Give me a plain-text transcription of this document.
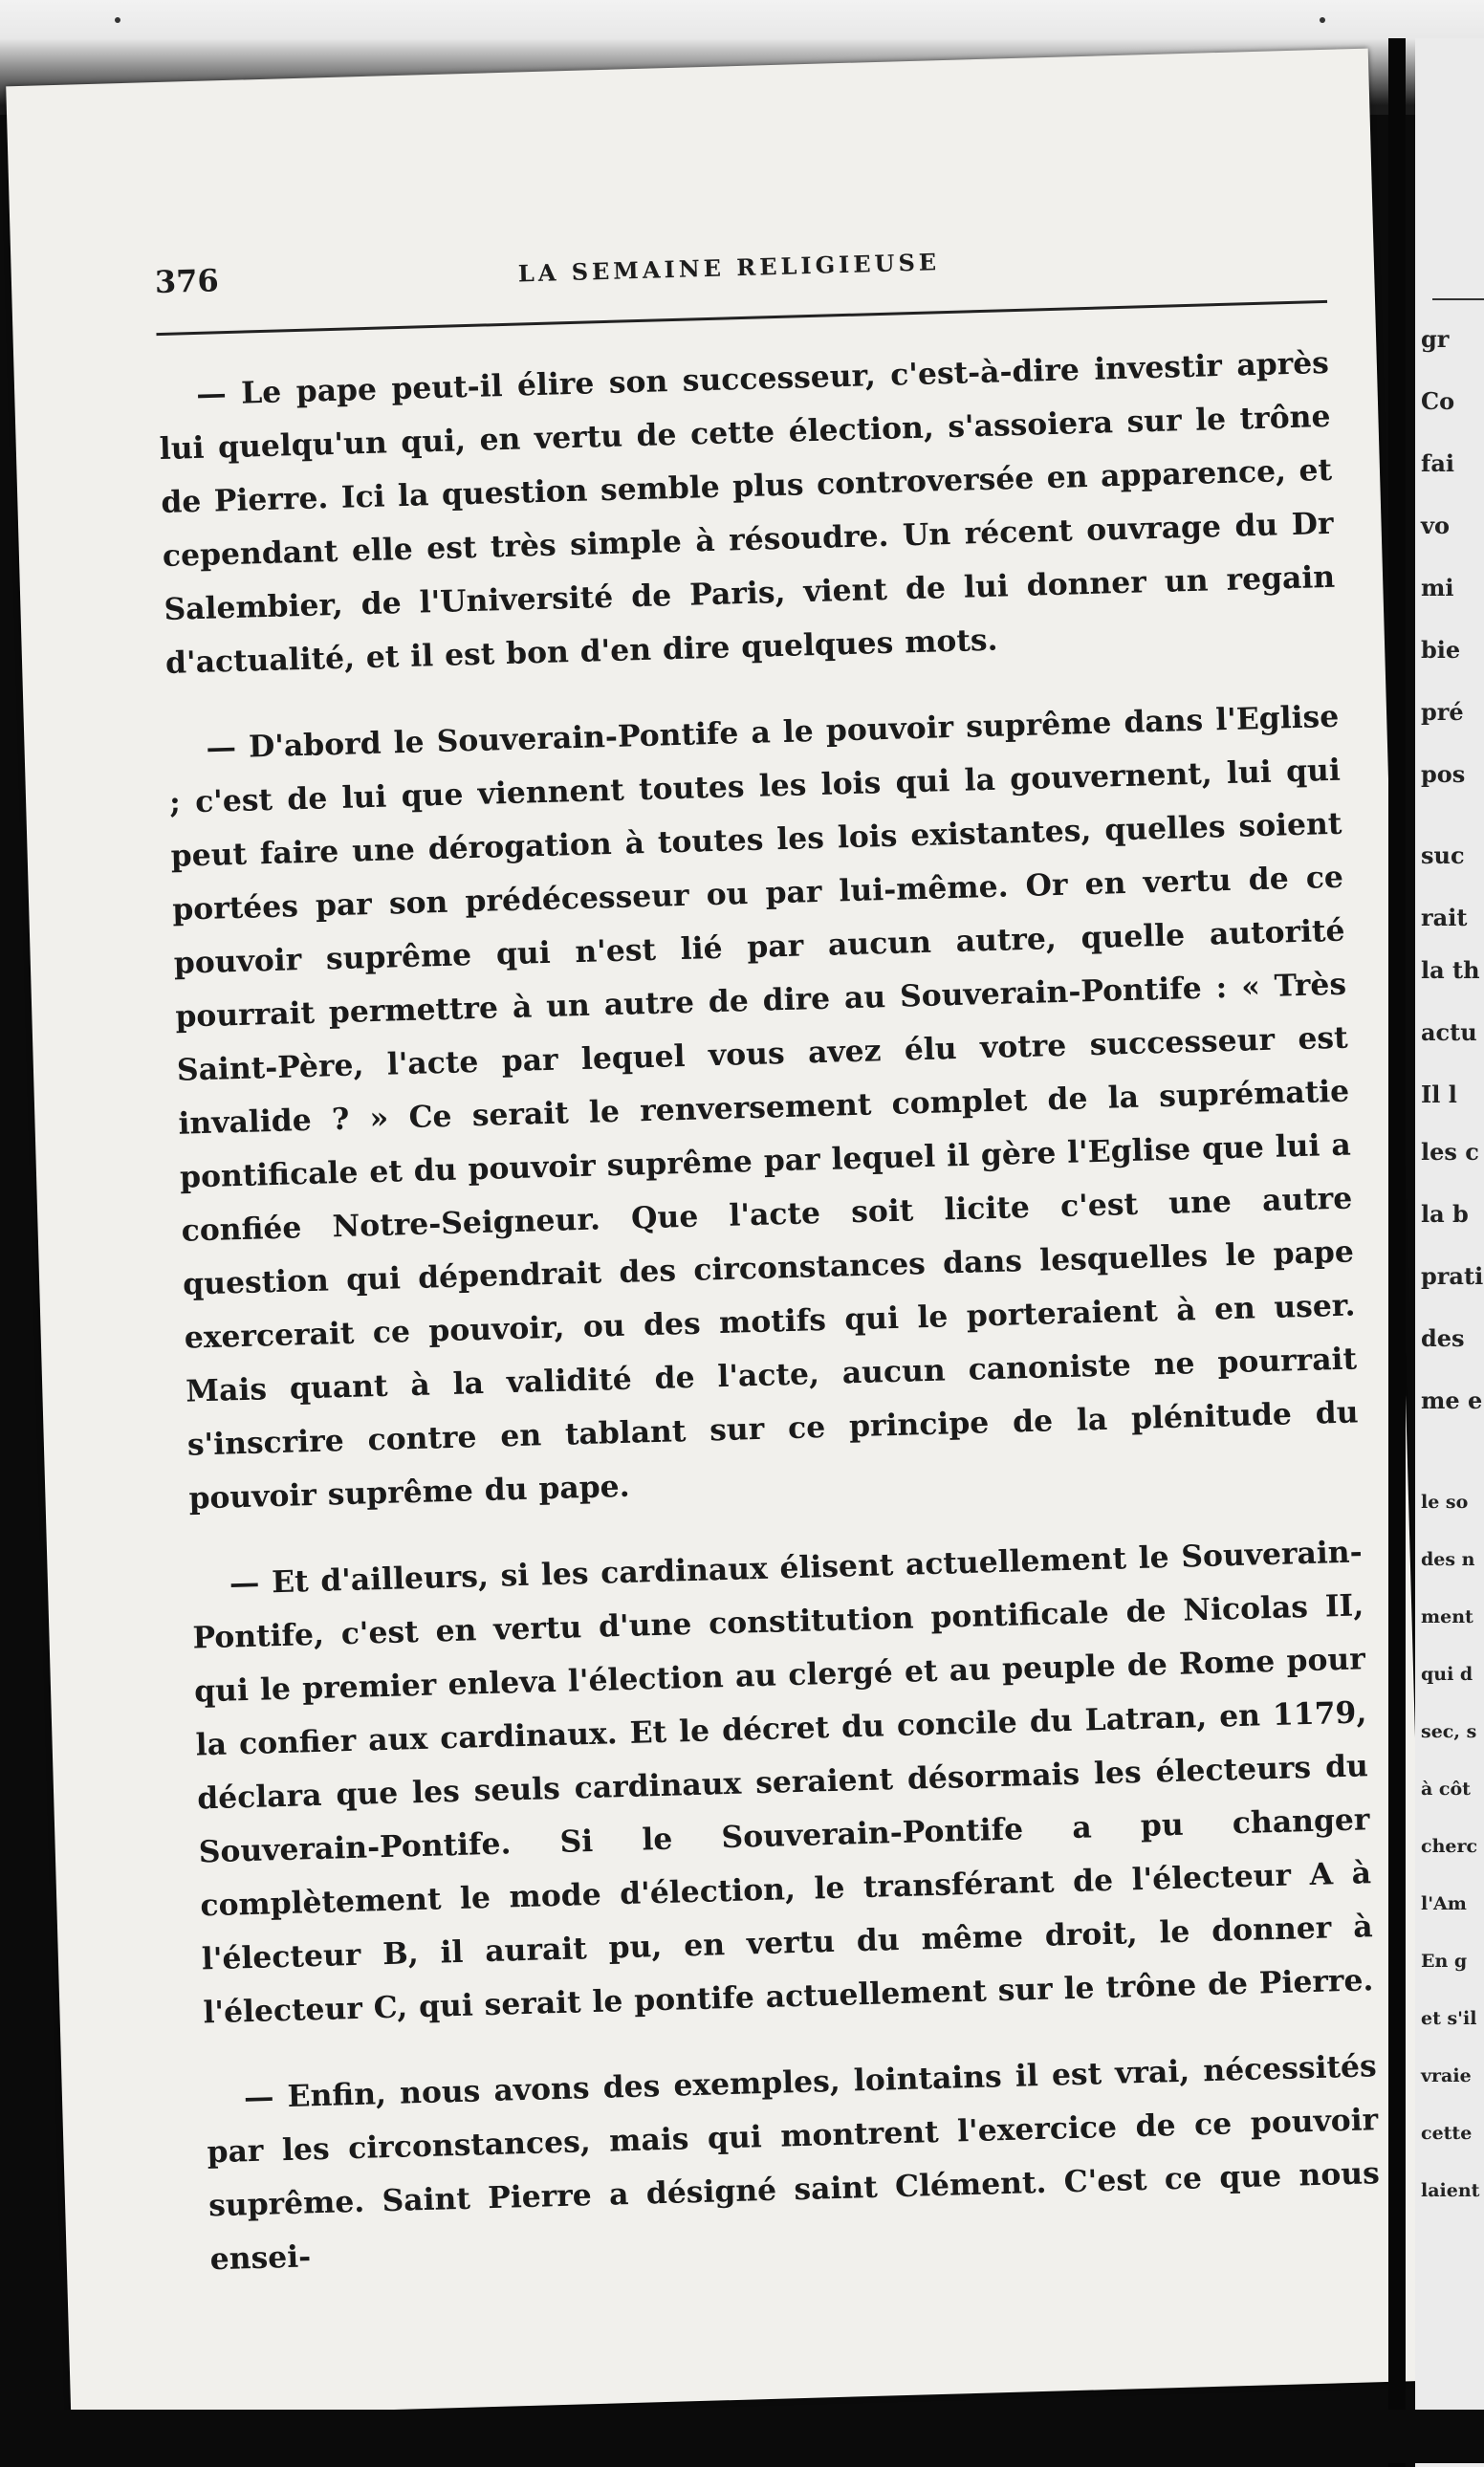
376	LA SEMAINE RELIGIEUSE

— Le pape peut-il élire son successeur, c'est-à-dire investir après lui quelqu'un qui, en vertu de cette élection, s'assoiera sur le trône de Pierre. Ici la question semble plus controversée en apparence, et cependant elle est très simple à résoudre. Un récent ouvrage du Dr Salembier, de l'Université de Paris, vient de lui donner un regain d'actualité, et il est bon d'en dire quelques mots.

— D'abord le Souverain-Pontife a le pouvoir suprême dans l'Eglise ; c'est de lui que viennent toutes les lois qui la gouvernent, lui qui peut faire une dérogation à toutes les lois existantes, quelles soient portées par son prédécesseur ou par lui-même. Or en vertu de ce pouvoir suprême qui n'est lié par aucun autre, quelle autorité pourrait permettre à un autre de dire au Souverain-Pontife : « Très Saint-Père, l'acte par lequel vous avez élu votre successeur est invalide ? » Ce serait le renversement complet de la suprématie pontificale et du pouvoir suprême par lequel il gère l'Eglise que lui a confiée Notre-Seigneur. Que l'acte soit licite c'est une autre question qui dépendrait des circonstances dans lesquelles le pape exercerait ce pouvoir, ou des motifs qui le porteraient à en user. Mais quant à la validité de l'acte, aucun canoniste ne pourrait s'inscrire contre en tablant sur ce principe de la plénitude du pouvoir suprême du pape.

— Et d'ailleurs, si les cardinaux élisent actuellement le Souverain-Pontife, c'est en vertu d'une constitution pontificale de Nicolas II, qui le premier enleva l'élection au clergé et au peuple de Rome pour la confier aux cardinaux. Et le décret du concile du Latran, en 1179, déclara que les seuls cardinaux seraient désormais les électeurs du Souverain-Pontife. Si le Souverain-Pontife a pu changer complètement le mode d'élection, le transférant de l'électeur A à l'électeur B, il aurait pu, en vertu du même droit, le donner à l'électeur C, qui serait le pontife actuellement sur le trône de Pierre.

— Enfin, nous avons des exemples, lointains il est vrai, nécessités par les circonstances, mais qui montrent l'exercice de ce pouvoir suprême. Saint Pierre a désigné saint Clément. C'est ce que nous ensei-

gr
Co
fai
vo
mi
bie
pré
pos
suc
rait
la th
actu
Il l
les c
la b
prati
des
me e
le so
des n
ment
qui d
sec, s
à côt
cherc
l'Am
En g
et s'il
vraie
cette
laient
